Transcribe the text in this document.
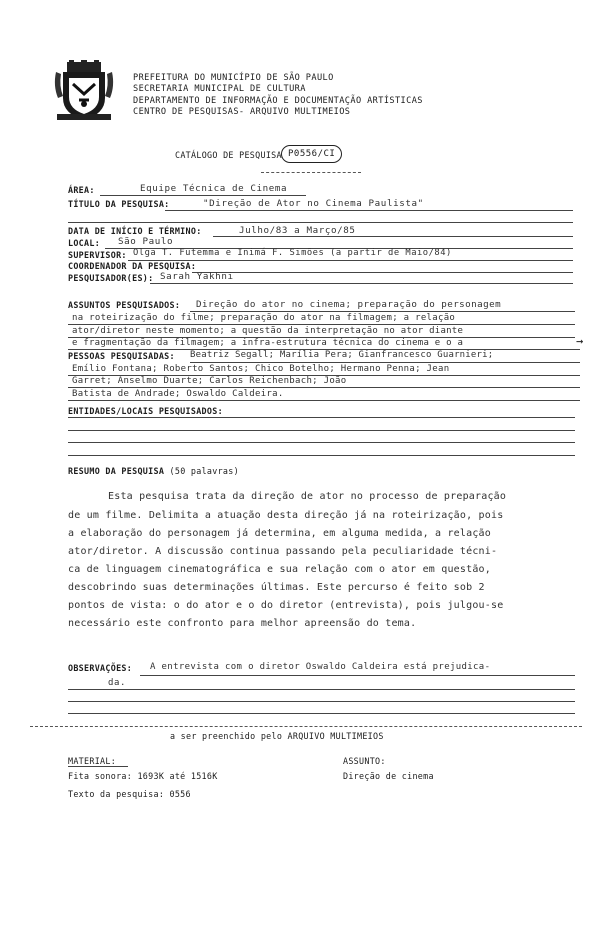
PREFEITURA DO MUNICÍPIO DE SÃO PAULO
SECRETARIA MUNICIPAL DE CULTURA
DEPARTAMENTO DE INFORMAÇÃO E DOCUMENTAÇÃO ARTÍSTICAS
CENTRO DE PESQUISAS- ARQUIVO MULTIMEIOS
CATÁLOGO DE PESQUISA P0556/CI
ÁREA:	Equipe Técnica de Cinema
TÍTULO DA PESQUISA:	"Direção de Ator no Cinema Paulista"
DATA DE INÍCIO E TÉRMINO:	Julho/83 a Março/85
LOCAL: São Paulo
SUPERVISOR: Olga T. Futemma e Inimá F. Simões (a partir de Maio/84)
COORDENADOR DA PESQUISA:
PESQUISADOR(ES): Sarah Yakhni
ASSUNTOS PESQUISADOS: Direção do ator no cinema; preparação do personagem
na roteirização do filme; preparação do ator na filmagem; a relação
ator/diretor neste momento; a questão da interpretação no ator diante
e fragmentação da filmagem; a infra-estrutura técnica do cinema e o a	→
PESSOAS PESQUISADAS: Beatriz Segall; Marília Pera; Gianfrancesco Guarnieri;
Emílio Fontana; Roberto Santos; Chico Botelho; Hermano Penna; Jean
Garret; Anselmo Duarte; Carlos Reichenbach; João
Batista de Andrade; Oswaldo Caldeira.
ENTIDADES/LOCAIS PESQUISADOS:
RESUMO DA PESQUISA (50 palavras)
Esta pesquisa trata da direção de ator no processo de preparação
de um filme. Delimita a atuação desta direção já na roteirização, pois
a elaboração do personagem já determina, em alguma medida, a relação
ator/diretor. A discussão continua passando pela peculiaridade técni-
ca de linguagem cinematográfica e sua relação com o ator em questão,
descobrindo suas determinações últimas. Este percurso é feito sob 2
pontos de vista: o do ator e o do diretor (entrevista), pois julgou-se
necessário este confronto para melhor apreensão do tema.
OBSERVAÇÕES: A entrevista com o diretor Oswaldo Caldeira está prejudica-
da.
a ser preenchido pelo ARQUIVO MULTIMEIOS
MATERIAL:
Fita sonora: 1693K até 1516K
Texto da pesquisa: 0556
ASSUNTO:
Direção de cinema
